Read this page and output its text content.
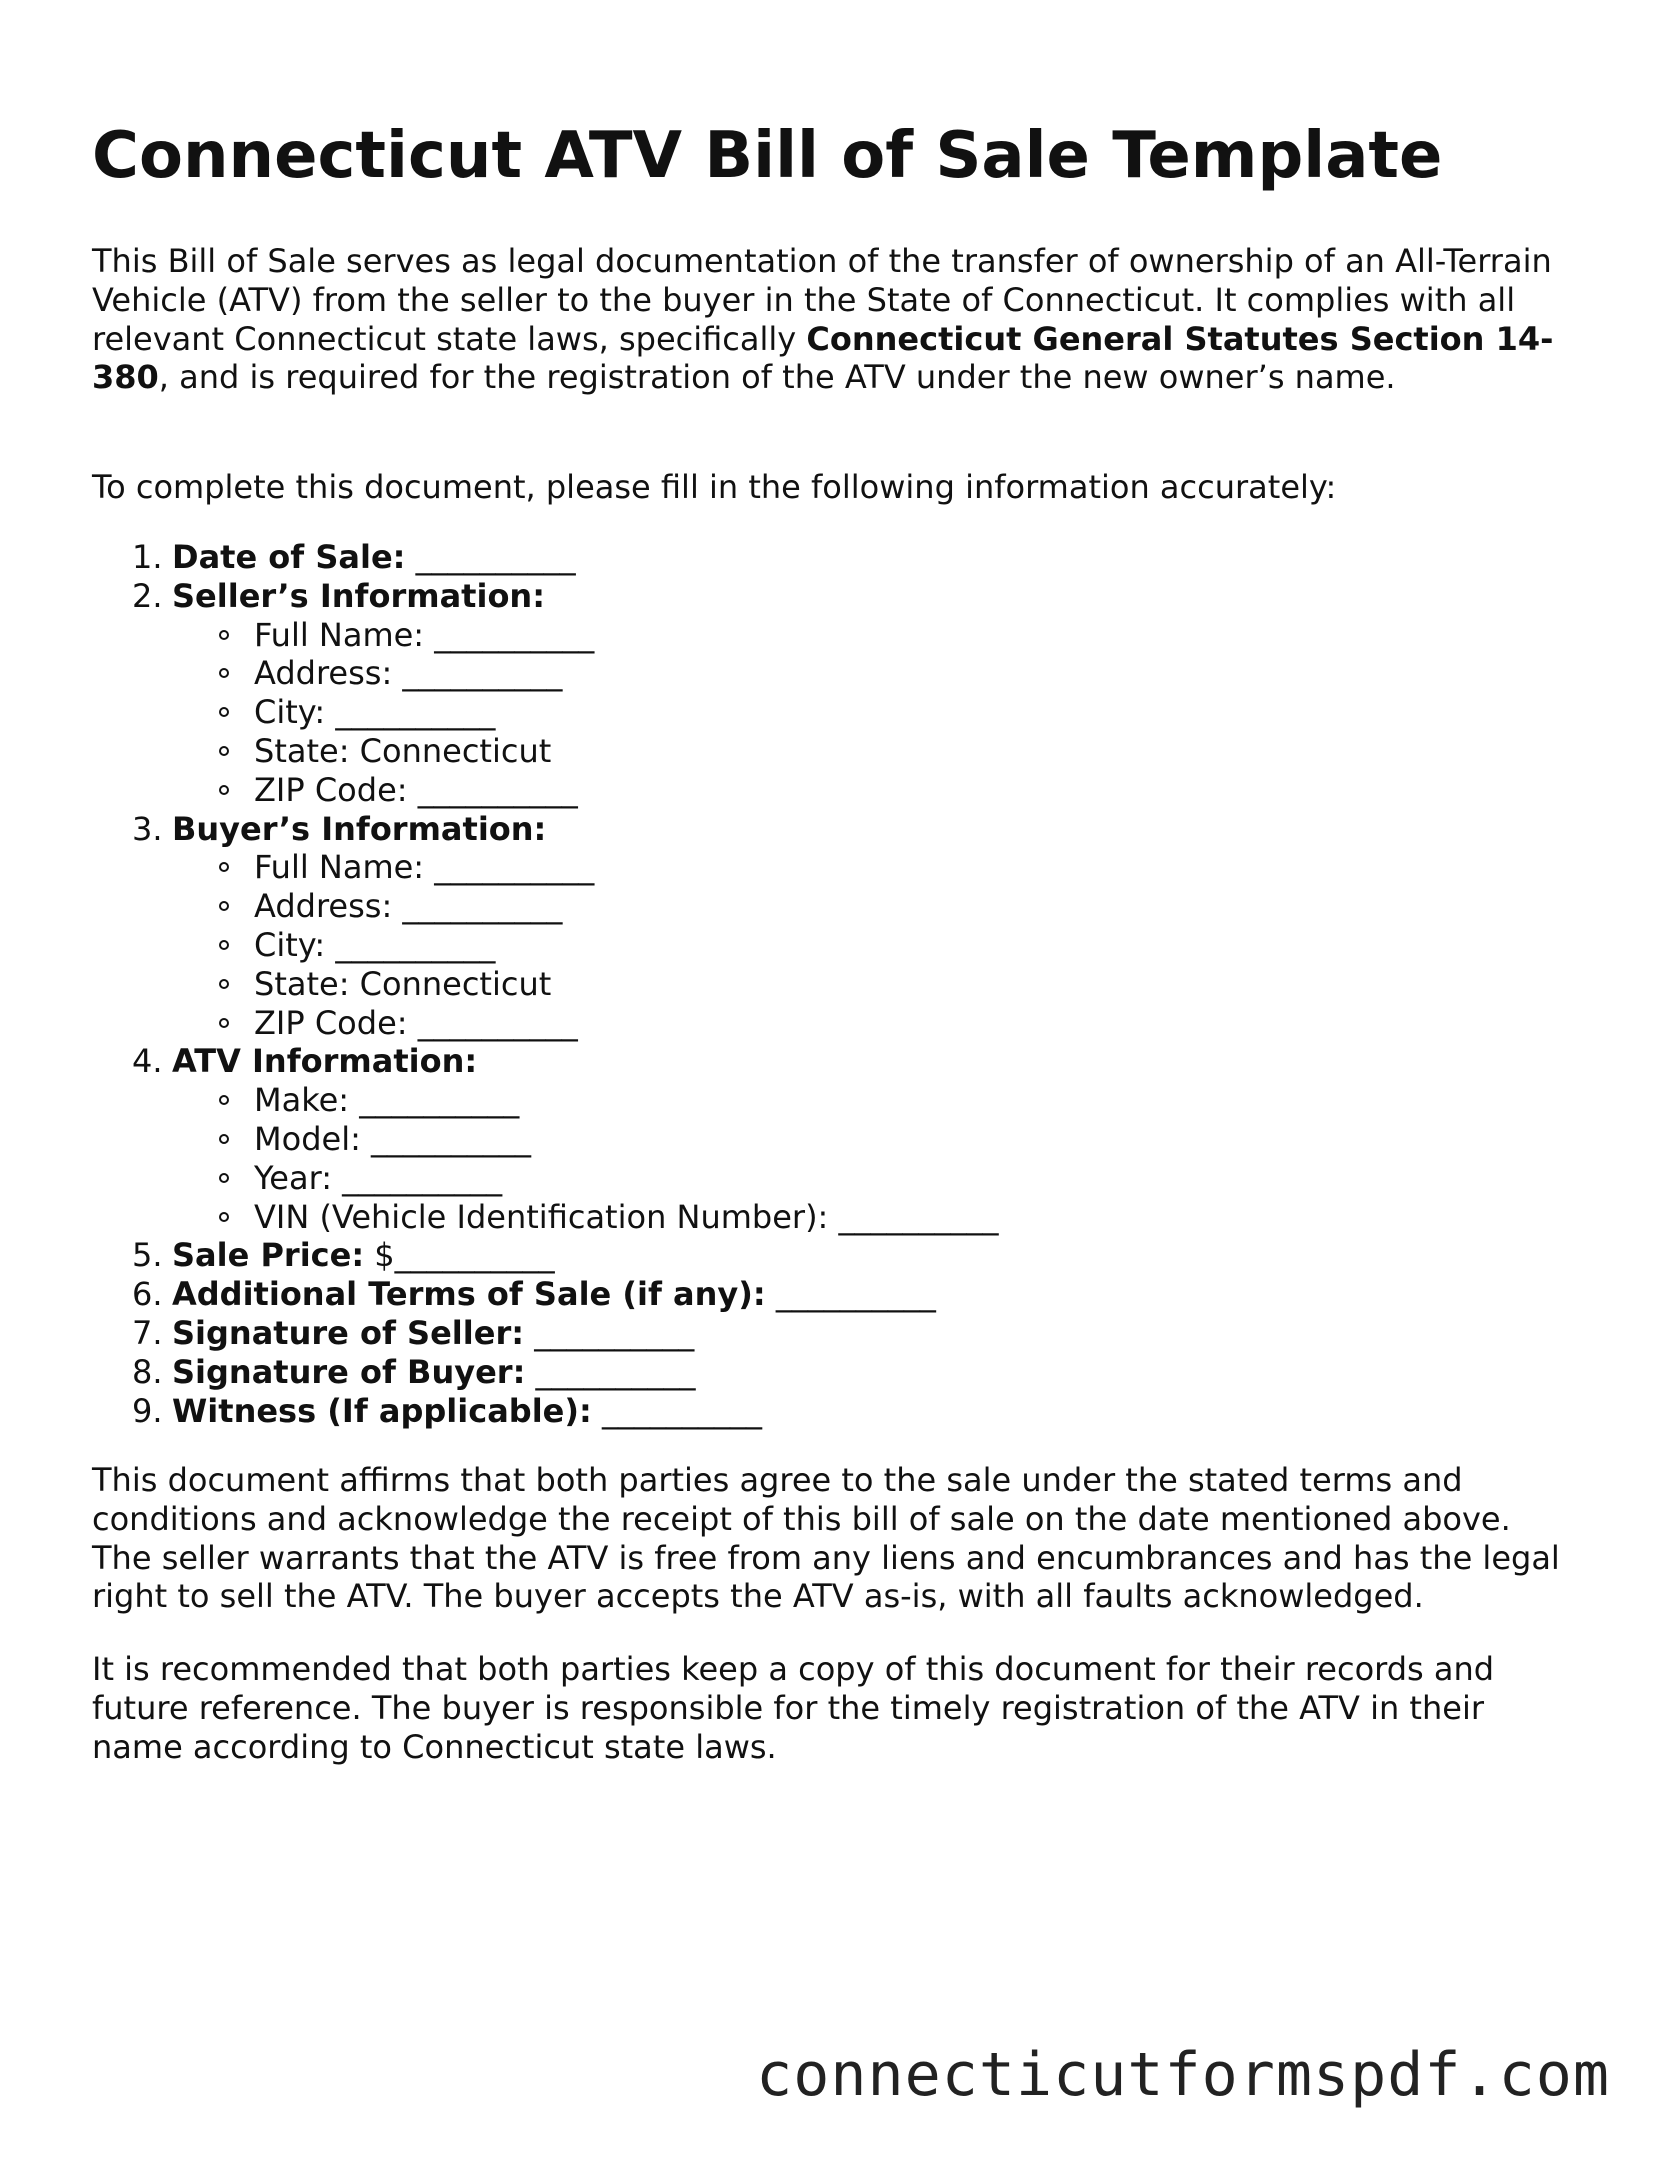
Connecticut ATV Bill of Sale Template

This Bill of Sale serves as legal documentation of the transfer of ownership of an All-Terrain Vehicle (ATV) from the seller to the buyer in the State of Connecticut. It complies with all relevant Connecticut state laws, specifically Connecticut General Statutes Section 14-380, and is required for the registration of the ATV under the new owner’s name.

To complete this document, please fill in the following information accurately:

1. Date of Sale: __________
2. Seller’s Information:
Full Name: __________
Address: __________
City: __________
State: Connecticut
ZIP Code: __________
3. Buyer’s Information:
Full Name: __________
Address: __________
City: __________
State: Connecticut
ZIP Code: __________
4. ATV Information:
Make: __________
Model: __________
Year: __________
VIN (Vehicle Identification Number): __________
5. Sale Price: $__________
6. Additional Terms of Sale (if any): __________
7. Signature of Seller: __________
8. Signature of Buyer: __________
9. Witness (If applicable): __________

This document affirms that both parties agree to the sale under the stated terms and conditions and acknowledge the receipt of this bill of sale on the date mentioned above. The seller warrants that the ATV is free from any liens and encumbrances and has the legal right to sell the ATV. The buyer accepts the ATV as-is, with all faults acknowledged.

It is recommended that both parties keep a copy of this document for their records and future reference. The buyer is responsible for the timely registration of the ATV in their name according to Connecticut state laws.

connecticutformspdf.com
